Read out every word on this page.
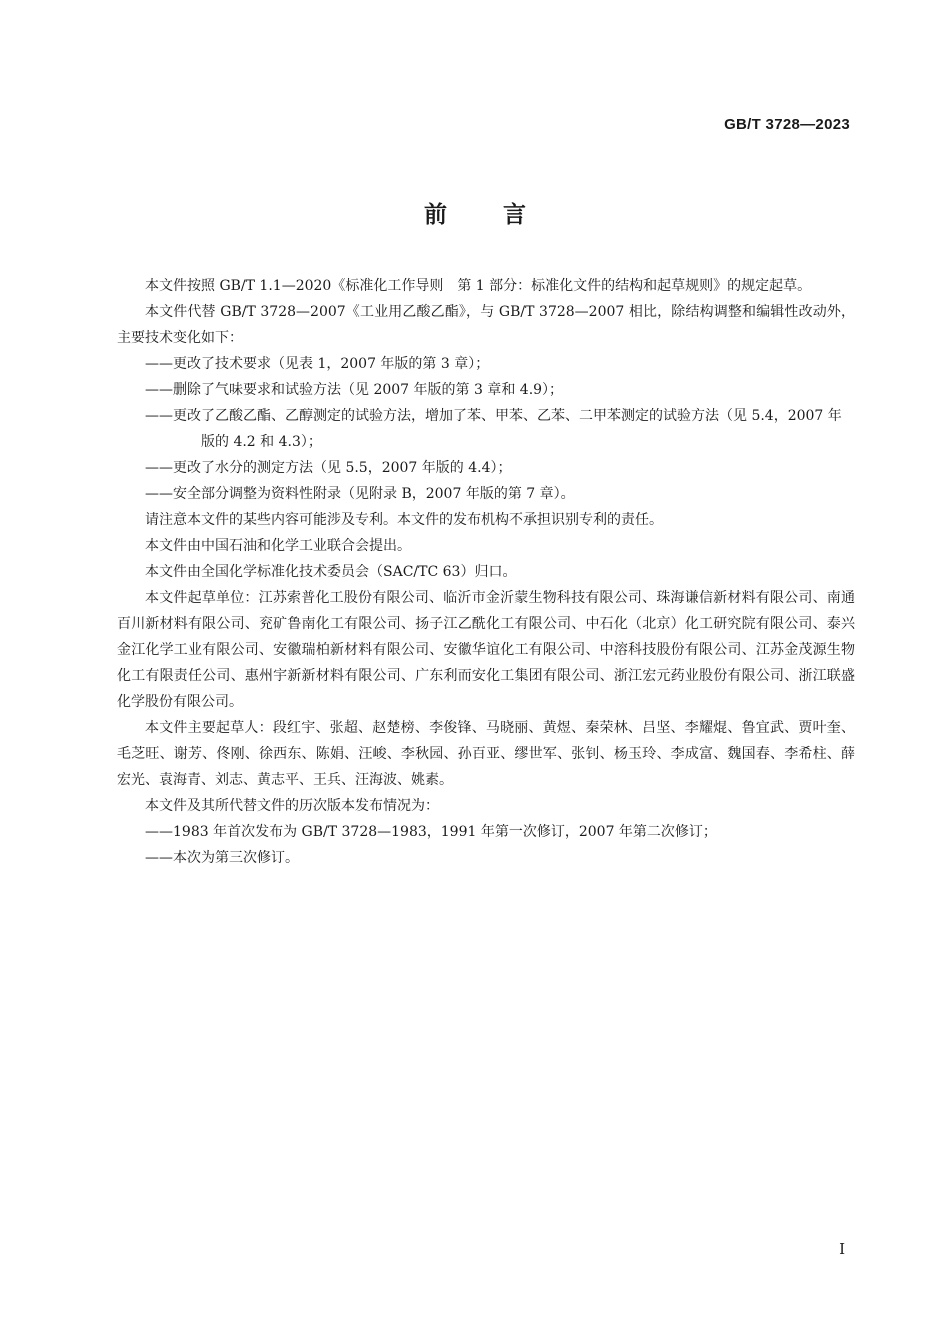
GB/T 3728—2023
前言

本文件按照 GB/T 1.1—2020《标准化工作导则　第 1 部分：标准化文件的结构和起草规则》的规定起草。

本文件代替 GB/T 3728—2007《工业用乙酸乙酯》，与 GB/T 3728—2007 相比，除结构调整和编辑性改动外，主要技术变化如下：

——更改了技术要求（见表 1，2007 年版的第 3 章）；

——删除了气味要求和试验方法（见 2007 年版的第 3 章和 4.9）；

——更改了乙酸乙酯、乙醇测定的试验方法，增加了苯、甲苯、乙苯、二甲苯测定的试验方法（见 5.4，2007 年版的 4.2 和 4.3）；

——更改了水分的测定方法（见 5.5，2007 年版的 4.4）；

——安全部分调整为资料性附录（见附录 B，2007 年版的第 7 章）。

请注意本文件的某些内容可能涉及专利。本文件的发布机构不承担识别专利的责任。

本文件由中国石油和化学工业联合会提出。

本文件由全国化学标准化技术委员会（SAC/TC 63）归口。

本文件起草单位：江苏索普化工股份有限公司、临沂市金沂蒙生物科技有限公司、珠海谦信新材料有限公司、南通百川新材料有限公司、兖矿鲁南化工有限公司、扬子江乙酰化工有限公司、中石化（北京）化工研究院有限公司、泰兴金江化学工业有限公司、安徽瑞柏新材料有限公司、安徽华谊化工有限公司、中溶科技股份有限公司、江苏金茂源生物化工有限责任公司、惠州宇新新材料有限公司、广东利而安化工集团有限公司、浙江宏元药业股份有限公司、浙江联盛化学股份有限公司。

本文件主要起草人：段红宇、张超、赵楚榜、李俊锋、马晓丽、黄煜、秦荣林、吕坚、李耀焜、鲁宜武、贾叶奎、毛芝旺、谢芳、佟刚、徐西东、陈娟、汪峻、李秋园、孙百亚、缪世军、张钊、杨玉玲、李成富、魏国春、李希柱、薛宏光、袁海青、刘志、黄志平、王兵、汪海波、姚素。

本文件及其所代替文件的历次版本发布情况为：

——1983 年首次发布为 GB/T 3728—1983，1991 年第一次修订，2007 年第二次修订；

——本次为第三次修订。

I
